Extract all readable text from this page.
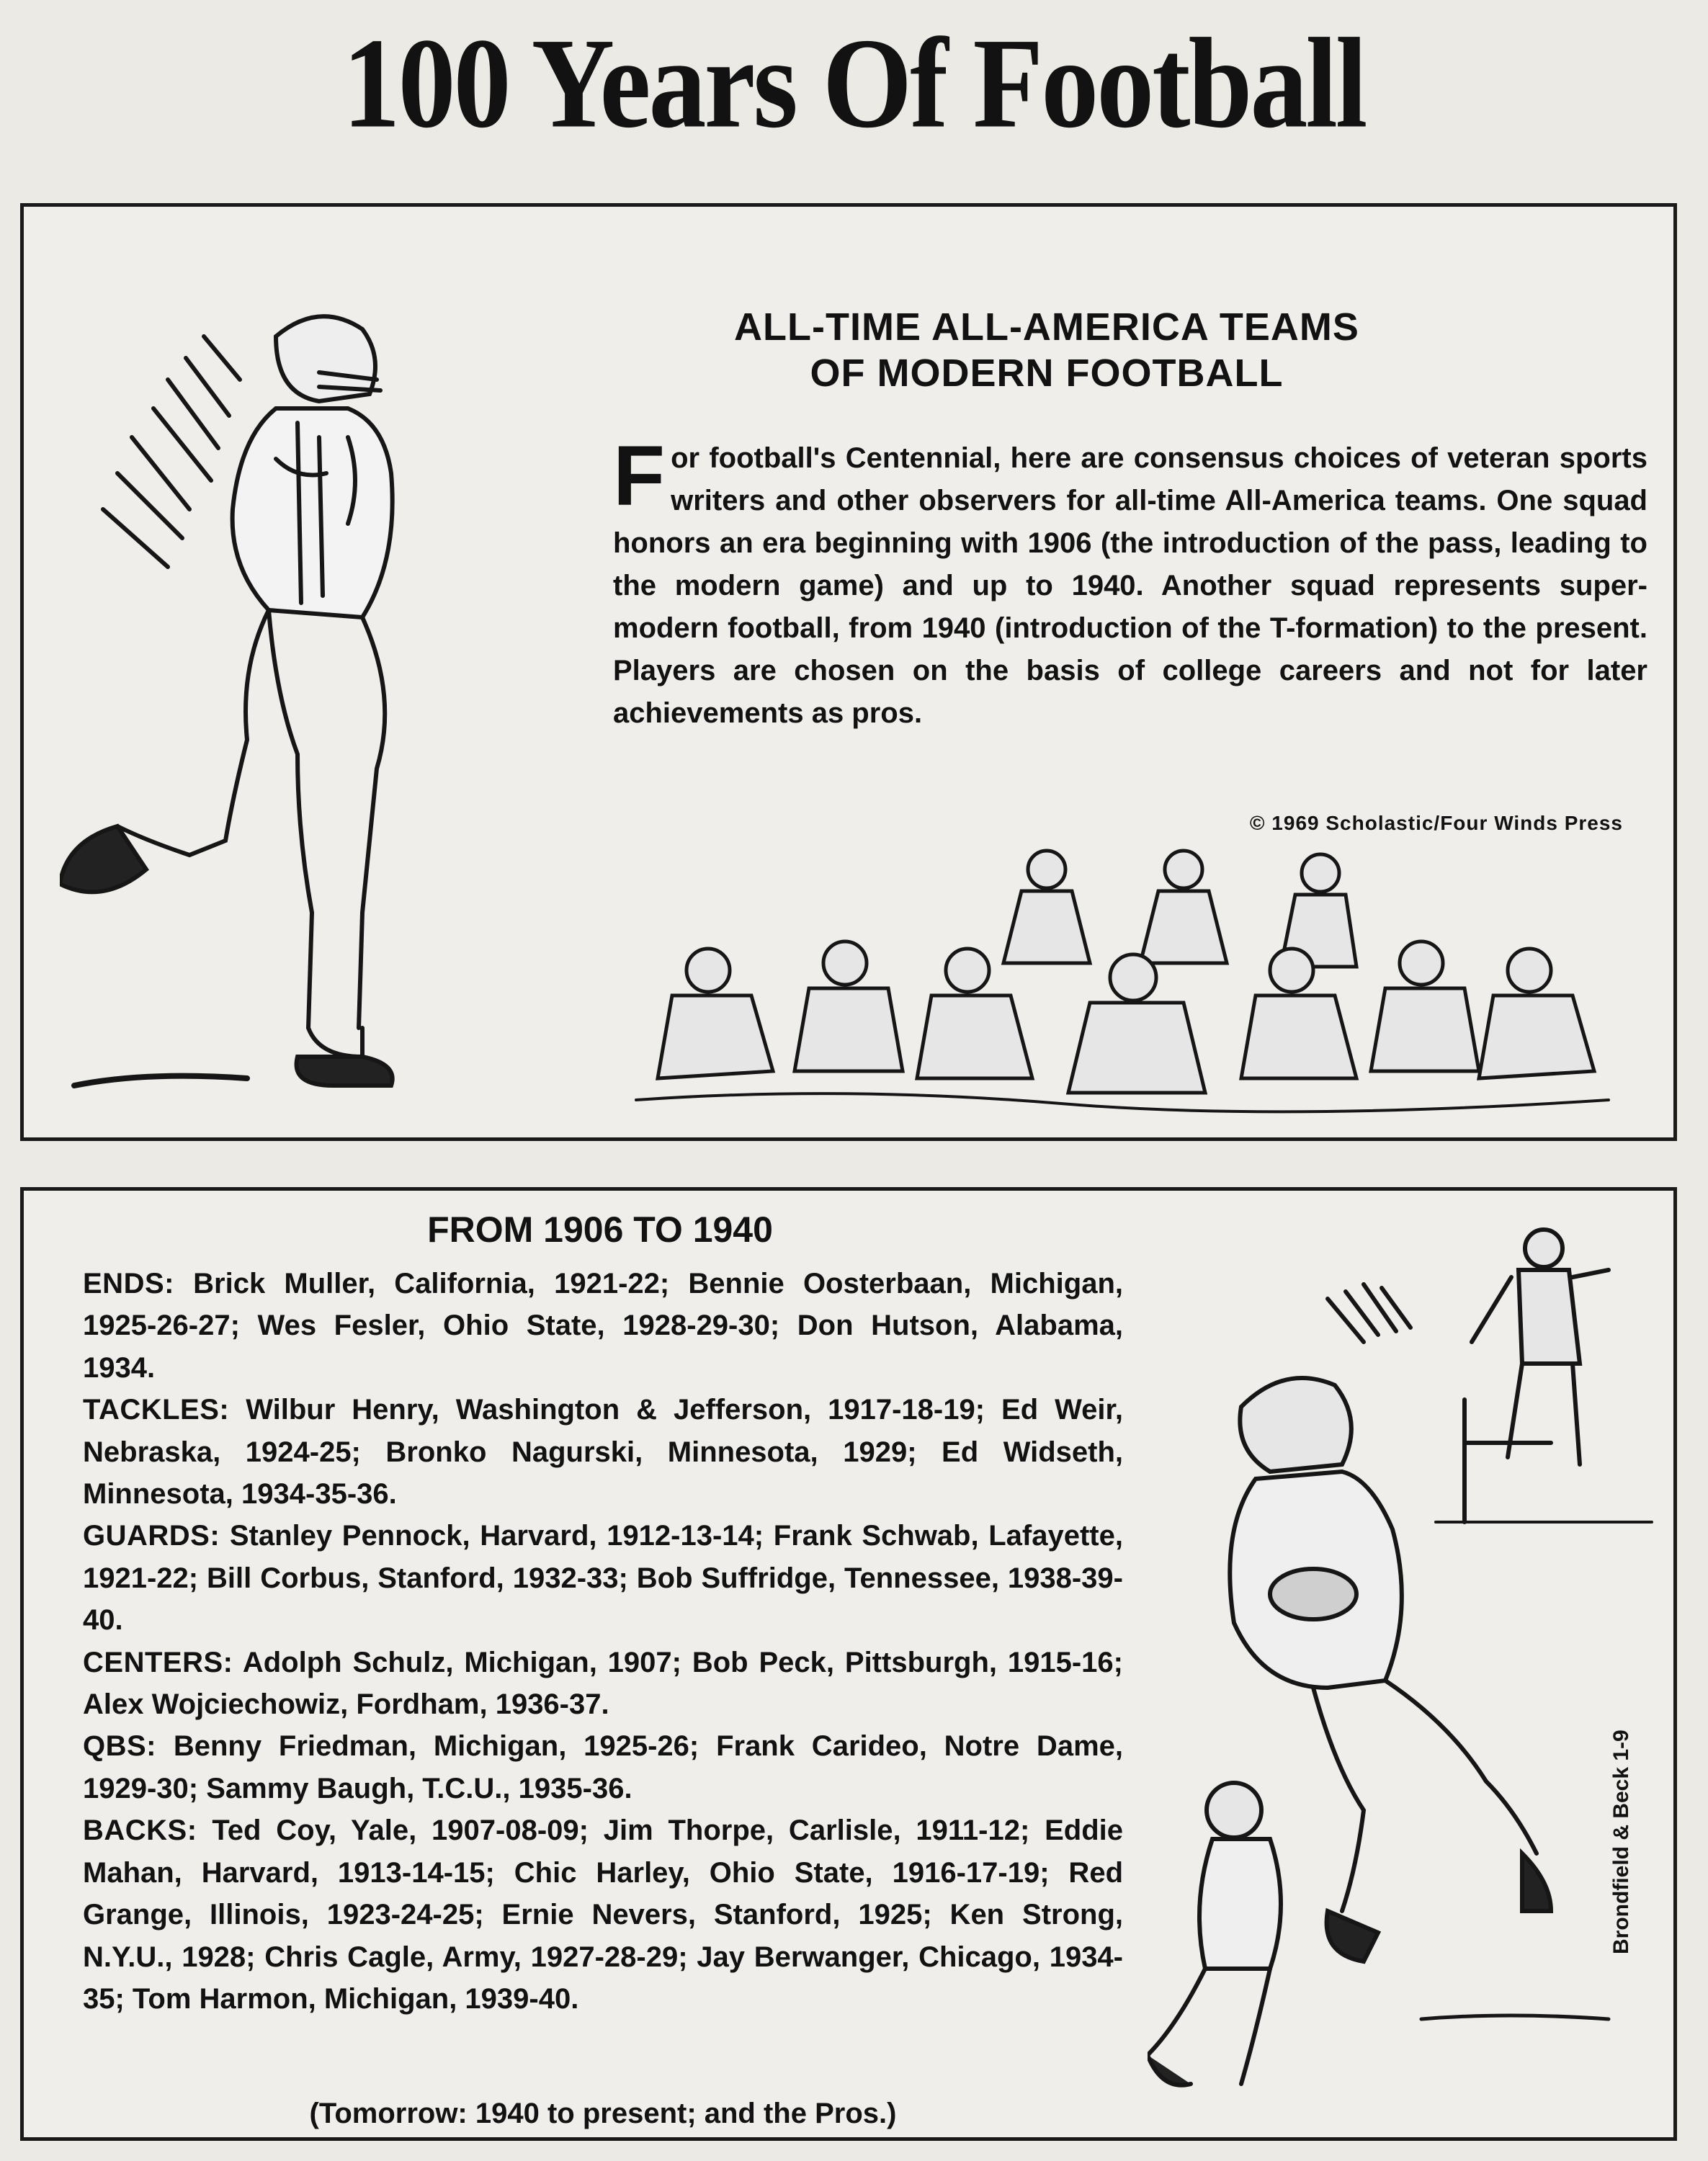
100 Years Of Football
ALL-TIME ALL-AMERICA TEAMS
OF MODERN FOOTBALL
For football's Centennial, here are consensus choices of veteran sports writers and other observers for all-time All-America teams. One squad honors an era beginning with 1906 (the introduction of the pass, leading to the modern game) and up to 1940. Another squad represents super-modern football, from 1940 (introduction of the T-formation) to the present. Players are chosen on the basis of college careers and not for later achievements as pros.
© 1969 Scholastic/Four Winds Press
FROM 1906 TO 1940

ENDS: Brick Muller, California, 1921-22; Bennie Oosterbaan, Michigan, 1925-26-27; Wes Fesler, Ohio State, 1928-29-30; Don Hutson, Alabama, 1934.

TACKLES: Wilbur Henry, Washington & Jefferson, 1917-18-19; Ed Weir, Nebraska, 1924-25; Bronko Nagurski, Minnesota, 1929; Ed Widseth, Minnesota, 1934-35-36.

GUARDS: Stanley Pennock, Harvard, 1912-13-14; Frank Schwab, Lafayette, 1921-22; Bill Corbus, Stanford, 1932-33; Bob Suffridge, Tennessee, 1938-39-40.

CENTERS: Adolph Schulz, Michigan, 1907; Bob Peck, Pittsburgh, 1915-16; Alex Wojciechowiz, Fordham, 1936-37.

QBS: Benny Friedman, Michigan, 1925-26; Frank Carideo, Notre Dame, 1929-30; Sammy Baugh, T.C.U., 1935-36.

BACKS: Ted Coy, Yale, 1907-08-09; Jim Thorpe, Carlisle, 1911-12; Eddie Mahan, Harvard, 1913-14-15; Chic Harley, Ohio State, 1916-17-19; Red Grange, Illinois, 1923-24-25; Ernie Nevers, Stanford, 1925; Ken Strong, N.Y.U., 1928; Chris Cagle, Army, 1927-28-29; Jay Berwanger, Chicago, 1934-35; Tom Harmon, Michigan, 1939-40.

(Tomorrow: 1940 to present; and the Pros.)
Brondfield & Beck 1-9
